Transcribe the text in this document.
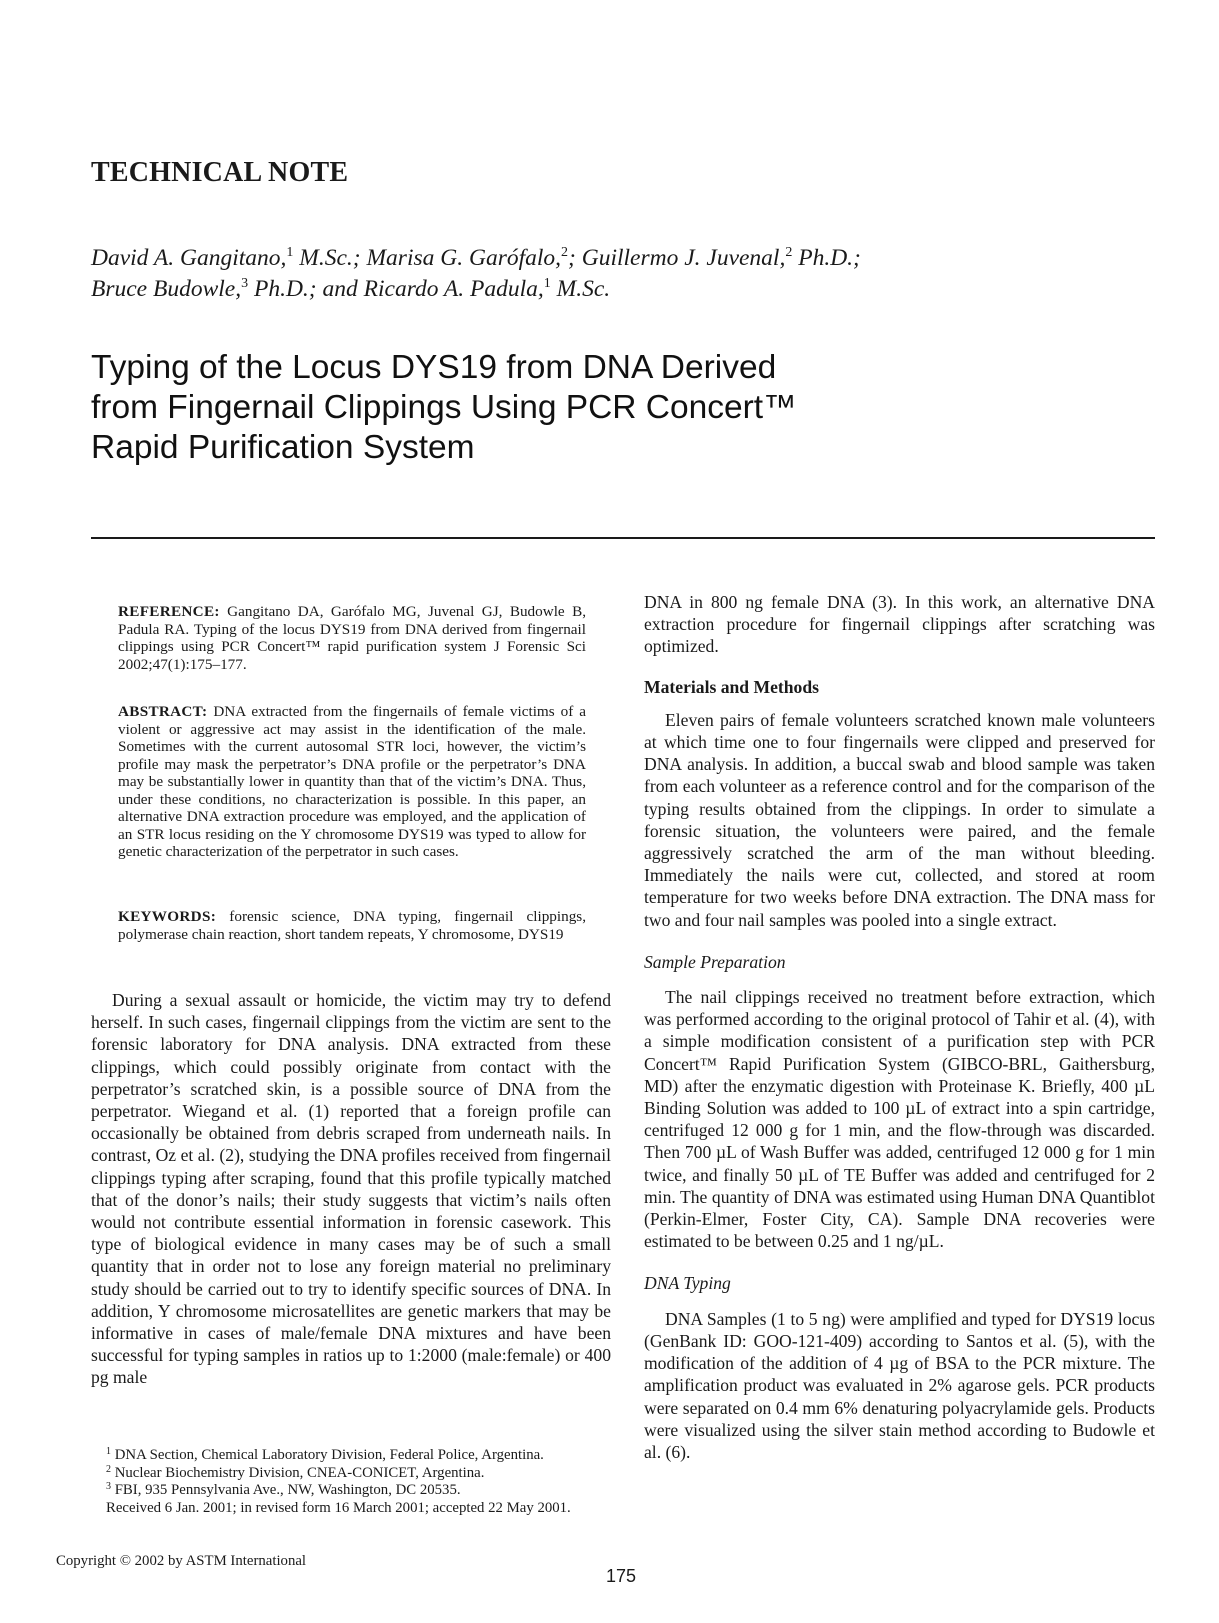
TECHNICAL NOTE
David A. Gangitano,$^1$ M.Sc.; Marisa G. Garófalo,$^2$; Guillermo J. Juvenal,$^2$ Ph.D.;
Bruce Budowle,$^3$ Ph.D.; and Ricardo A. Padula,$^1$ M.Sc.
Typing of the Locus DYS19 from DNA Derived
from Fingernail Clippings Using PCR Concert™
Rapid Purification System
REFERENCE: Gangitano DA, Garófalo MG, Juvenal GJ, Budowle B, Padula RA. Typing of the locus DYS19 from DNA derived from fingernail clippings using PCR Concert™ rapid purification system J Forensic Sci 2002;47(1):175–177.
ABSTRACT: DNA extracted from the fingernails of female victims of a violent or aggressive act may assist in the identification of the male. Sometimes with the current autosomal STR loci, however, the victim’s profile may mask the perpetrator’s DNA profile or the perpetrator’s DNA may be substantially lower in quantity than that of the victim’s DNA. Thus, under these conditions, no characterization is possible. In this paper, an alternative DNA extraction procedure was employed, and the application of an STR locus residing on the Y chromosome DYS19 was typed to allow for genetic characterization of the perpetrator in such cases.
KEYWORDS: forensic science, DNA typing, fingernail clippings, polymerase chain reaction, short tandem repeats, Y chromosome, DYS19
During a sexual assault or homicide, the victim may try to defend herself. In such cases, fingernail clippings from the victim are sent to the forensic laboratory for DNA analysis. DNA extracted from these clippings, which could possibly originate from contact with the perpetrator’s scratched skin, is a possible source of DNA from the perpetrator. Wiegand et al. (1) reported that a foreign profile can occasionally be obtained from debris scraped from underneath nails. In contrast, Oz et al. (2), studying the DNA profiles received from fingernail clippings typing after scraping, found that this profile typically matched that of the donor’s nails; their study suggests that victim’s nails often would not contribute essential information in forensic casework. This type of biological evidence in many cases may be of such a small quantity that in order not to lose any foreign material no preliminary study should be carried out to try to identify specific sources of DNA. In addition, Y chromosome microsatellites are genetic markers that may be informative in cases of male/female DNA mixtures and have been successful for typing samples in ratios up to 1:2000 (male:female) or 400 pg male
$^1$ DNA Section, Chemical Laboratory Division, Federal Police, Argentina.
$^2$ Nuclear Biochemistry Division, CNEA-CONICET, Argentina.
$^3$ FBI, 935 Pennsylvania Ave., NW, Washington, DC 20535.
Received 6 Jan. 2001; in revised form 16 March 2001; accepted 22 May 2001.

DNA in 800 ng female DNA (3). In this work, an alternative DNA extraction procedure for fingernail clippings after scratching was optimized.

Materials and Methods

Eleven pairs of female volunteers scratched known male volunteers at which time one to four fingernails were clipped and preserved for DNA analysis. In addition, a buccal swab and blood sample was taken from each volunteer as a reference control and for the comparison of the typing results obtained from the clippings. In order to simulate a forensic situation, the volunteers were paired, and the female aggressively scratched the arm of the man without bleeding. Immediately the nails were cut, collected, and stored at room temperature for two weeks before DNA extraction. The DNA mass for two and four nail samples was pooled into a single extract.

Sample Preparation

The nail clippings received no treatment before extraction, which was performed according to the original protocol of Tahir et al. (4), with a simple modification consistent of a purification step with PCR Concert™ Rapid Purification System (GIBCO-BRL, Gaithersburg, MD) after the enzymatic digestion with Proteinase K. Briefly, 400 µL Binding Solution was added to 100 µL of extract into a spin cartridge, centrifuged 12 000 g for 1 min, and the flow-through was discarded. Then 700 µL of Wash Buffer was added, centrifuged 12 000 g for 1 min twice, and finally 50 µL of TE Buffer was added and centrifuged for 2 min. The quantity of DNA was estimated using Human DNA Quantiblot (Perkin-Elmer, Foster City, CA). Sample DNA recoveries were estimated to be between 0.25 and 1 ng/µL.

DNA Typing

DNA Samples (1 to 5 ng) were amplified and typed for DYS19 locus (GenBank ID: GOO-121-409) according to Santos et al. (5), with the modification of the addition of 4 µg of BSA to the PCR mixture. The amplification product was evaluated in 2% agarose gels. PCR products were separated on 0.4 mm 6% denaturing polyacrylamide gels. Products were visualized using the silver stain method according to Budowle et al. (6).

Copyright © 2002 by ASTM International
175
